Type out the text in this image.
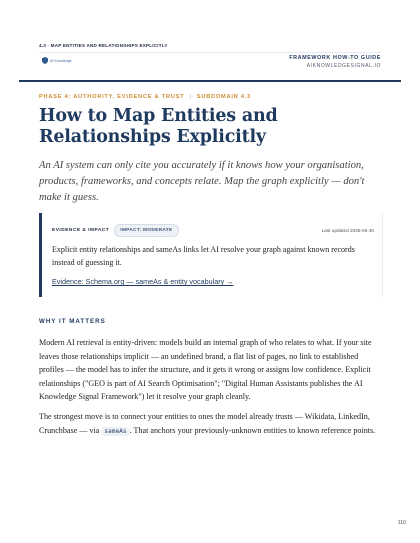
4.3 · MAP ENTITIES AND RELATIONSHIPS EXPLICITLY
AI Knowledge	FRAMEWORK HOW-TO GUIDE
AIKNOWLEDGESIGNAL.IO
PHASE 4: AUTHORITY, EVIDENCE & TRUST | SUBDOMAIN 4.3
How to Map Entities and Relationships Explicitly

An AI system can only cite you accurately if it knows how your organisation, products, frameworks, and concepts relate. Map the graph explicitly — don't make it guess.

EVIDENCE & IMPACT	IMPACT: MODERATE	Last updated 2025-06-30

Explicit entity relationships and sameAs links let AI resolve your graph against known records instead of guessing it.

Evidence: Schema.org — sameAs & entity vocabulary →
WHY IT MATTERS

Modern AI retrieval is entity-driven: models build an internal graph of who relates to what. If your site leaves those relationships implicit — an undefined brand, a flat list of pages, no link to established profiles — the model has to infer the structure, and it gets it wrong or assigns low confidence. Explicit relationships ("GEO is part of AI Search Optimisation"; "Digital Human Assistants publishes the AI Knowledge Signal Framework") let it resolve your graph cleanly.

The strongest move is to connect your entities to ones the model already trusts — Wikidata, LinkedIn, Crunchbase — via sameAs . That anchors your previously-unknown entities to known reference points.

110
